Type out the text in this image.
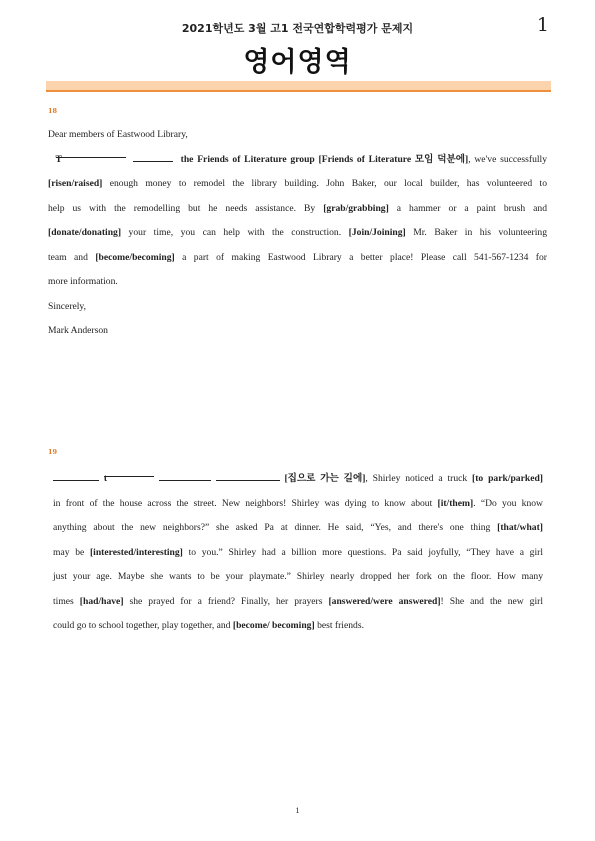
2021학년도 3월 고1 전국연합학력평가 문제지	1
영어영역
18
Dear members of Eastwood Library,
T	the Friends of Literature group [Friends of Literature 모임 덕분에], we've successfully
[risen/raised] enough money to remodel the library building. John Baker, our local builder, has volunteered to
help us with the remodelling but he needs assistance. By [grab/grabbing] a hammer or a paint brush and
[donate/donating] your time, you can help with the construction. [Join/Joining] Mr. Baker in his volunteering
team and [become/becoming] a part of making Eastwood Library a better place! Please call 541-567-1234 for
more information.
Sincerely,
Mark Anderson
19
t	[집으로 가는 길에], Shirley noticed a truck [to park/parked]
in front of the house across the street. New neighbors! Shirley was dying to know about [it/them]. “Do you know
anything about the new neighbors?” she asked Pa at dinner. He said, “Yes, and there's one thing [that/what]
may be [interested/interesting] to you.” Shirley had a billion more questions. Pa said joyfully, “They have a girl
just your age. Maybe she wants to be your playmate.” Shirley nearly dropped her fork on the floor. How many
times [had/have] she prayed for a friend? Finally, her prayers [answered/were answered]! She and the new girl
could go to school together, play together, and [become/ becoming] best friends.
1
